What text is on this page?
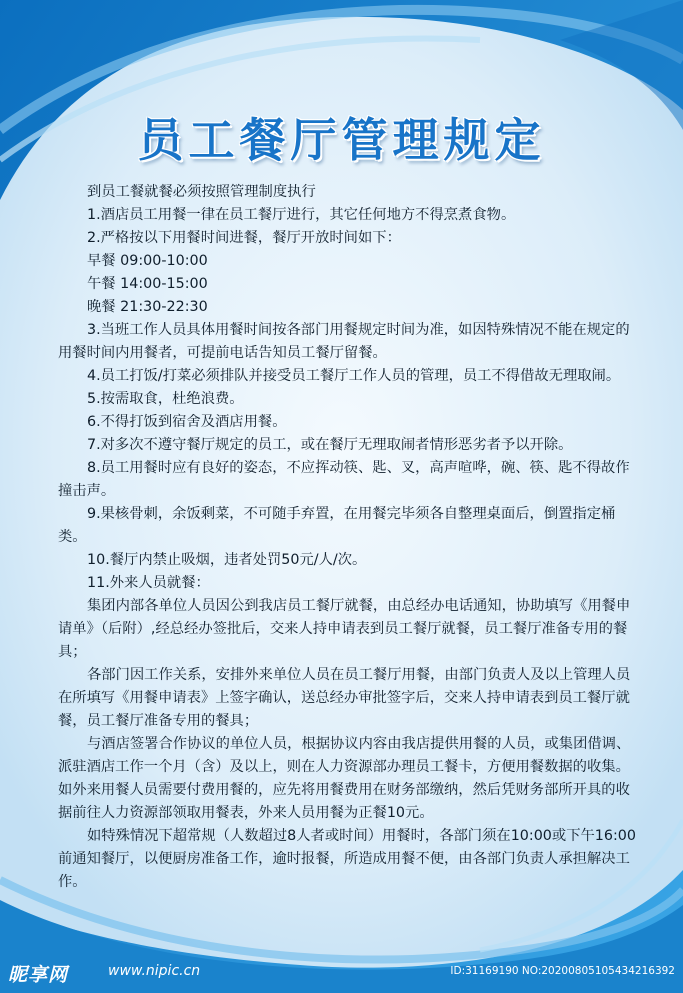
员工餐厅管理规定

到员工餐就餐必须按照管理制度执行

1.酒店员工用餐一律在员工餐厅进行，其它任何地方不得烹煮食物。

2.严格按以下用餐时间进餐，餐厅开放时间如下：

早餐 09:00-10:00

午餐 14:00-15:00

晚餐 21:30-22:30

3.当班工作人员具体用餐时间按各部门用餐规定时间为准，如因特殊情况不能在规定的用餐时间内用餐者，可提前电话告知员工餐厅留餐。

4.员工打饭/打菜必须排队并接受员工餐厅工作人员的管理，员工不得借故无理取闹。

5.按需取食，杜绝浪费。

6.不得打饭到宿舍及酒店用餐。

7.对多次不遵守餐厅规定的员工，或在餐厅无理取闹者情形恶劣者予以开除。

8.员工用餐时应有良好的姿态，不应挥动筷、匙、叉，高声喧哗，碗、筷、匙不得故作撞击声。

9.果核骨刺，余饭剩菜，不可随手弃置，在用餐完毕须各自整理桌面后，倒置指定桶类。

10.餐厅内禁止吸烟，违者处罚50元/人/次。

11.外来人员就餐：

集团内部各单位人员因公到我店员工餐厅就餐，由总经办电话通知，协助填写《用餐申请单》（后附）,经总经办签批后，交来人持申请表到员工餐厅就餐，员工餐厅准备专用的餐具；

各部门因工作关系，安排外来单位人员在员工餐厅用餐，由部门负责人及以上管理人员在所填写《用餐申请表》上签字确认，送总经办审批签字后，交来人持申请表到员工餐厅就餐，员工餐厅准备专用的餐具；

与酒店签署合作协议的单位人员，根据协议内容由我店提供用餐的人员，或集团借调、派驻酒店工作一个月（含）及以上，则在人力资源部办理员工餐卡，方便用餐数据的收集。如外来用餐人员需要付费用餐的，应先将用餐费用在财务部缴纳，然后凭财务部所开具的收据前往人力资源部领取用餐表，外来人员用餐为正餐10元。

如特殊情况下超常规（人数超过8人者或时间）用餐时，各部门须在10:00或下午16:00前通知餐厅，以便厨房准备工作，逾时报餐，所造成用餐不便，由各部门负责人承担解决工作。

昵享网	www.nipic.cn	ID:31169190 NO:20200805105434216392
